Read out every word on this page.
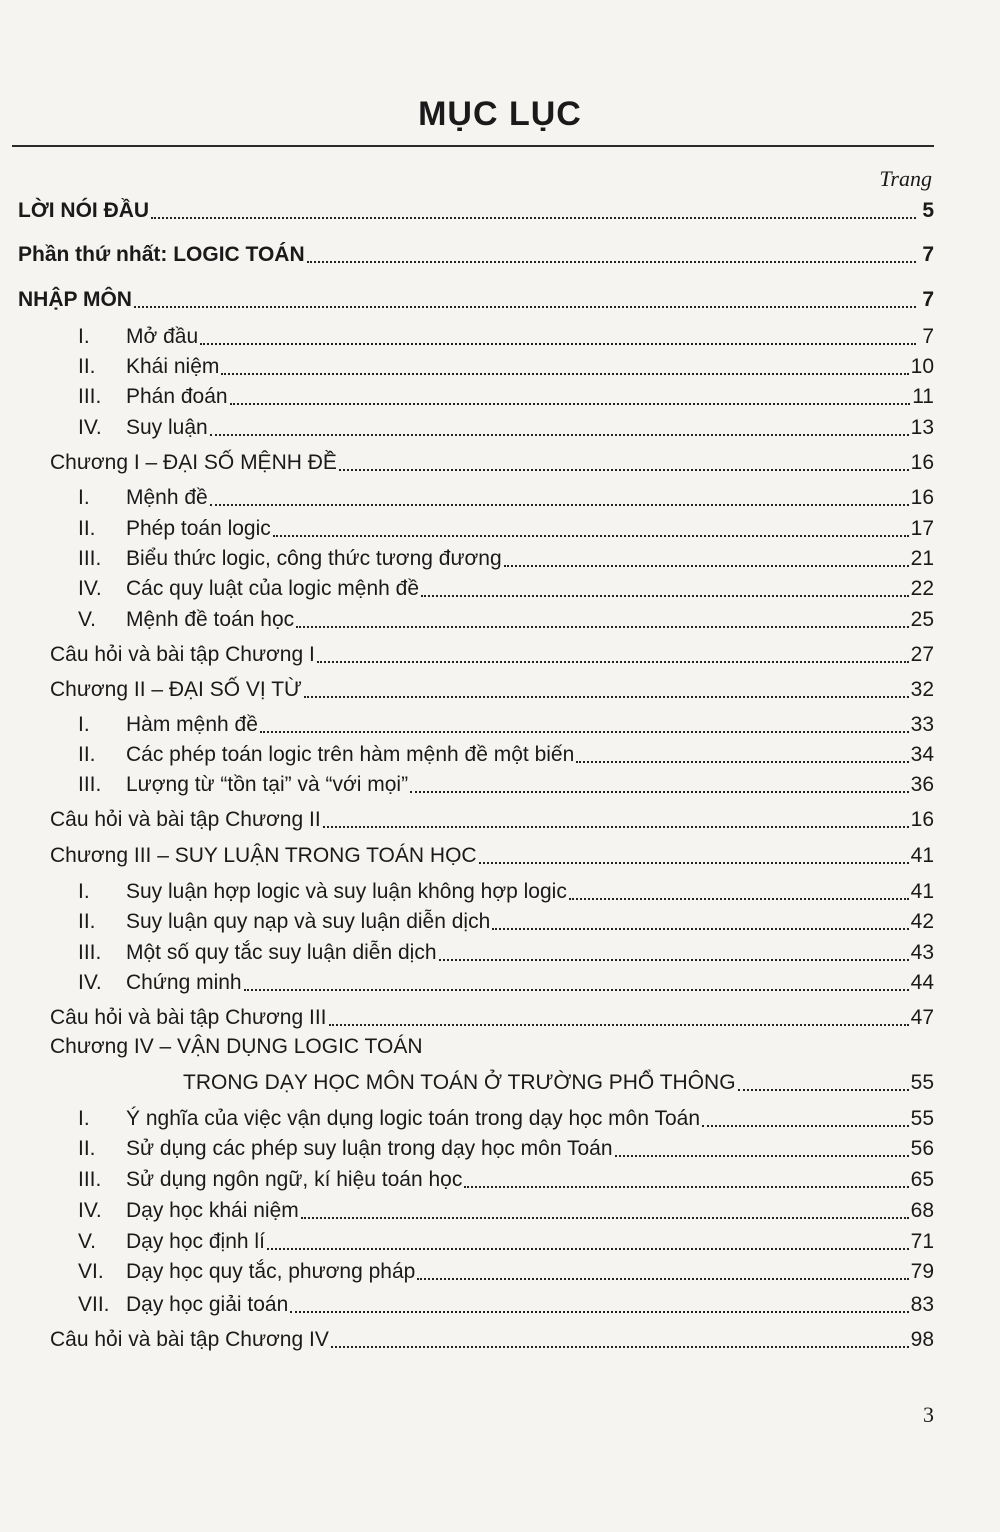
MỤC LỤC
Trang
LỜI NÓI ĐẦU	5
Phần thứ nhất: LOGIC TOÁN	7
NHẬP MÔN	7
I.	Mở đầu	7
II.	Khái niệm	10
III.	Phán đoán	11
IV.	Suy luận	13
Chương I – ĐẠI SỐ MỆNH ĐỀ	16
I.	Mệnh đề	16
II.	Phép toán logic	17
III.	Biểu thức logic, công thức tương đương	21
IV.	Các quy luật của logic mệnh đề	22
V.	Mệnh đề toán học	25
Câu hỏi và bài tập Chương I	27
Chương II – ĐẠI SỐ VỊ TỪ	32
I.	Hàm mệnh đề	33
II.	Các phép toán logic trên hàm mệnh đề một biến	34
III.	Lượng từ “tồn tại” và “với mọi”	36
Câu hỏi và bài tập Chương II	16
Chương III – SUY LUẬN TRONG TOÁN HỌC	41
I.	Suy luận hợp logic và suy luận không hợp logic	41
II.	Suy luận quy nạp và suy luận diễn dịch	42
III.	Một số quy tắc suy luận diễn dịch	43
IV.	Chứng minh	44
Câu hỏi và bài tập Chương III	47
Chương IV – VẬN DỤNG LOGIC TOÁN
TRONG DẠY HỌC MÔN TOÁN Ở TRƯỜNG PHỔ THÔNG	55
I.	Ý nghĩa của việc vận dụng logic toán trong dạy học môn Toán	55
II.	Sử dụng các phép suy luận trong dạy học môn Toán	56
III.	Sử dụng ngôn ngữ, kí hiệu toán học	65
IV.	Dạy học khái niệm	68
V.	Dạy học định lí	71
VI.	Dạy học quy tắc, phương pháp	79
VII. Dạy học giải toán	83
Câu hỏi và bài tập Chương IV	98
3
